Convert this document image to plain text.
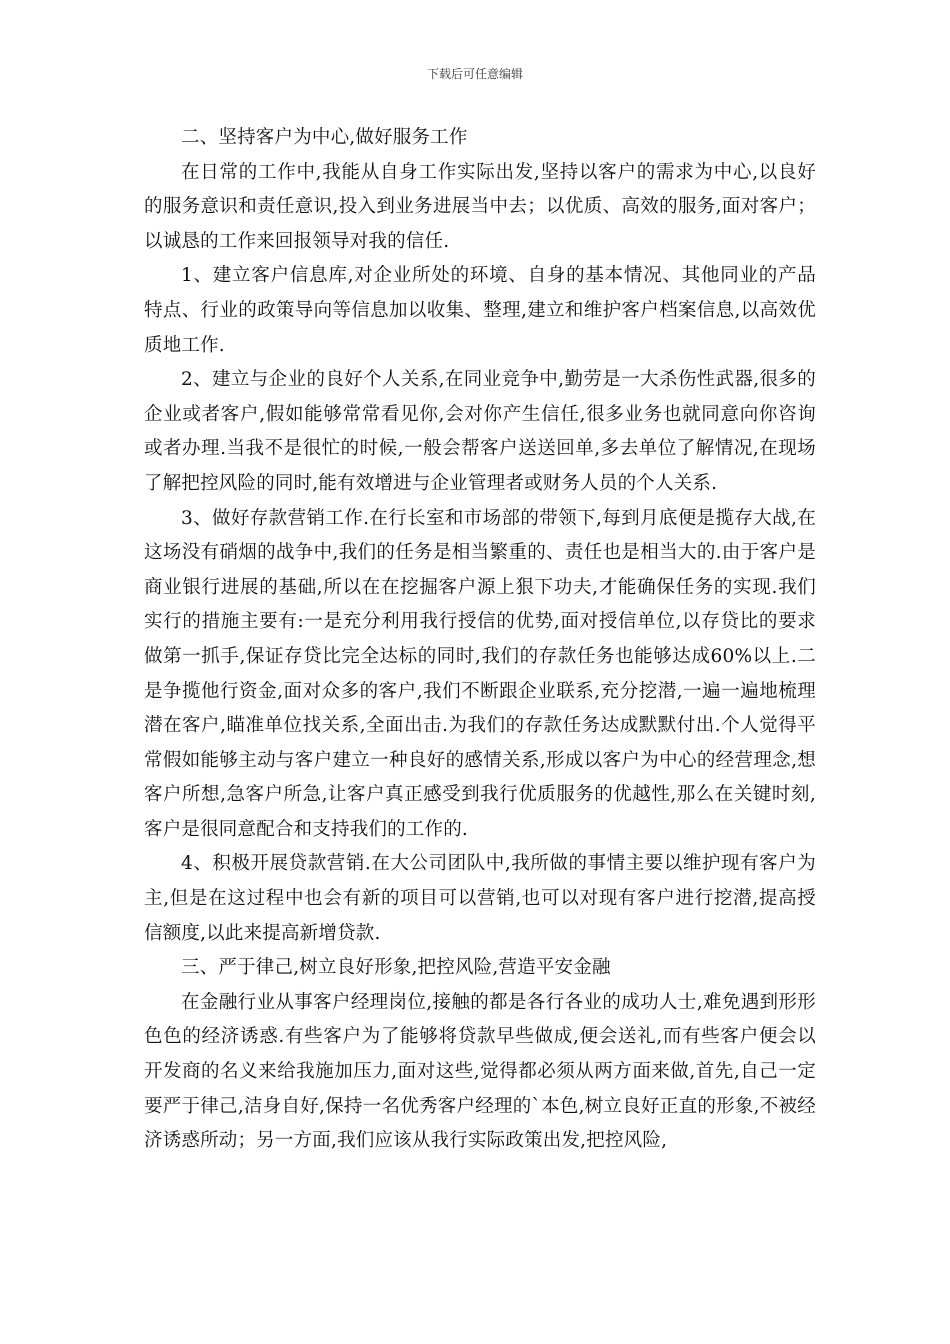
下载后可任意编辑

二、坚持客户为中心,做好服务工作

在日常的工作中,我能从自身工作实际出发,坚持以客户的需求为中心,以良好的服务意识和责任意识,投入到业务进展当中去；以优质、高效的服务,面对客户；以诚恳的工作来回报领导对我的信任.

1、建立客户信息库,对企业所处的环境、自身的基本情况、其他同业的产品特点、行业的政策导向等信息加以收集、整理,建立和维护客户档案信息,以高效优质地工作.

2、建立与企业的良好个人关系,在同业竞争中,勤劳是一大杀伤性武器,很多的企业或者客户,假如能够常常看见你,会对你产生信任,很多业务也就同意向你咨询或者办理.当我不是很忙的时候,一般会帮客户送送回单,多去单位了解情况,在现场了解把控风险的同时,能有效增进与企业管理者或财务人员的个人关系.

3、做好存款营销工作.在行长室和市场部的带领下,每到月底便是揽存大战,在这场没有硝烟的战争中,我们的任务是相当繁重的、责任也是相当大的.由于客户是商业银行进展的基础,所以在在挖掘客户源上狠下功夫,才能确保任务的实现.我们实行的措施主要有:一是充分利用我行授信的优势,面对授信单位,以存贷比的要求做第一抓手,保证存贷比完全达标的同时,我们的存款任务也能够达成60%以上.二是争揽他行资金,面对众多的客户,我们不断跟企业联系,充分挖潜,一遍一遍地梳理潜在客户,瞄准单位找关系,全面出击.为我们的存款任务达成默默付出.个人觉得平常假如能够主动与客户建立一种良好的感情关系,形成以客户为中心的经营理念,想客户所想,急客户所急,让客户真正感受到我行优质服务的优越性,那么在关键时刻,客户是很同意配合和支持我们的工作的.

4、积极开展贷款营销.在大公司团队中,我所做的事情主要以维护现有客户为主,但是在这过程中也会有新的项目可以营销,也可以对现有客户进行挖潜,提高授信额度,以此来提高新增贷款.

三、严于律己,树立良好形象,把控风险,营造平安金融

在金融行业从事客户经理岗位,接触的都是各行各业的成功人士,难免遇到形形色色的经济诱惑.有些客户为了能够将贷款早些做成,便会送礼,而有些客户便会以开发商的名义来给我施加压力,面对这些,觉得都必须从两方面来做,首先,自己一定要严于律己,洁身自好,保持一名优秀客户经理的`本色,树立良好正直的形象,不被经济诱惑所动；另一方面,我们应该从我行实际政策出发,把控风险,
